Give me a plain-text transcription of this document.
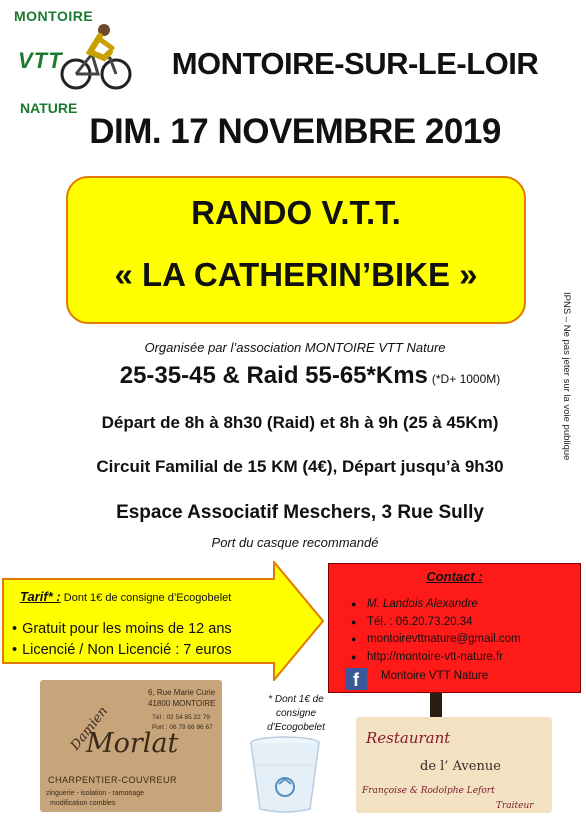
MONTOIRE
VTT
NATURE
MONTOIRE-SUR-LE-LOIR
DIM. 17 NOVEMBRE 2019
RANDO V.T.T.
« LA CATHERIN’BIKE »
Organisée par l’association MONTOIRE VTT Nature
25-35-45 & Raid 55-65*Kms (*D+ 1000M)
Départ de 8h à 8h30 (Raid) et 8h à 9h (25 à 45Km)
Circuit Familial de 15 KM (4€), Départ jusqu’à 9h30
Espace Associatif Meschers, 3 Rue Sully
Port du casque recommandé
IPNS – Ne pas jeter sur la voie publique
Tarif* : Dont 1€ de consigne d’Ecogobelet
• Gratuit pour les moins de 12 ans
• Licencié / Non Licencié : 7 euros
Contact :
● M. Landois Alexandre
● Tél. : 06.20.73.20.34
● montoirevttnature@gmail.com
● http://montoire-vtt-nature.fr
f	Montoire VTT Nature
6, Rue Marie Curie
41800 MONTOIRE
Tél : 02 54 85 22 79
Port : 06 79 66 96 67
Damien
Morlat
CHARPENTIER-COUVREUR
zinguerie - isolation - ramonage
modification combles
* Dont 1€ de
consigne
d’Ecogobelet
Restaurant
de l’ Avenue
Françoise & Rodolphe Lefort
Traiteur
